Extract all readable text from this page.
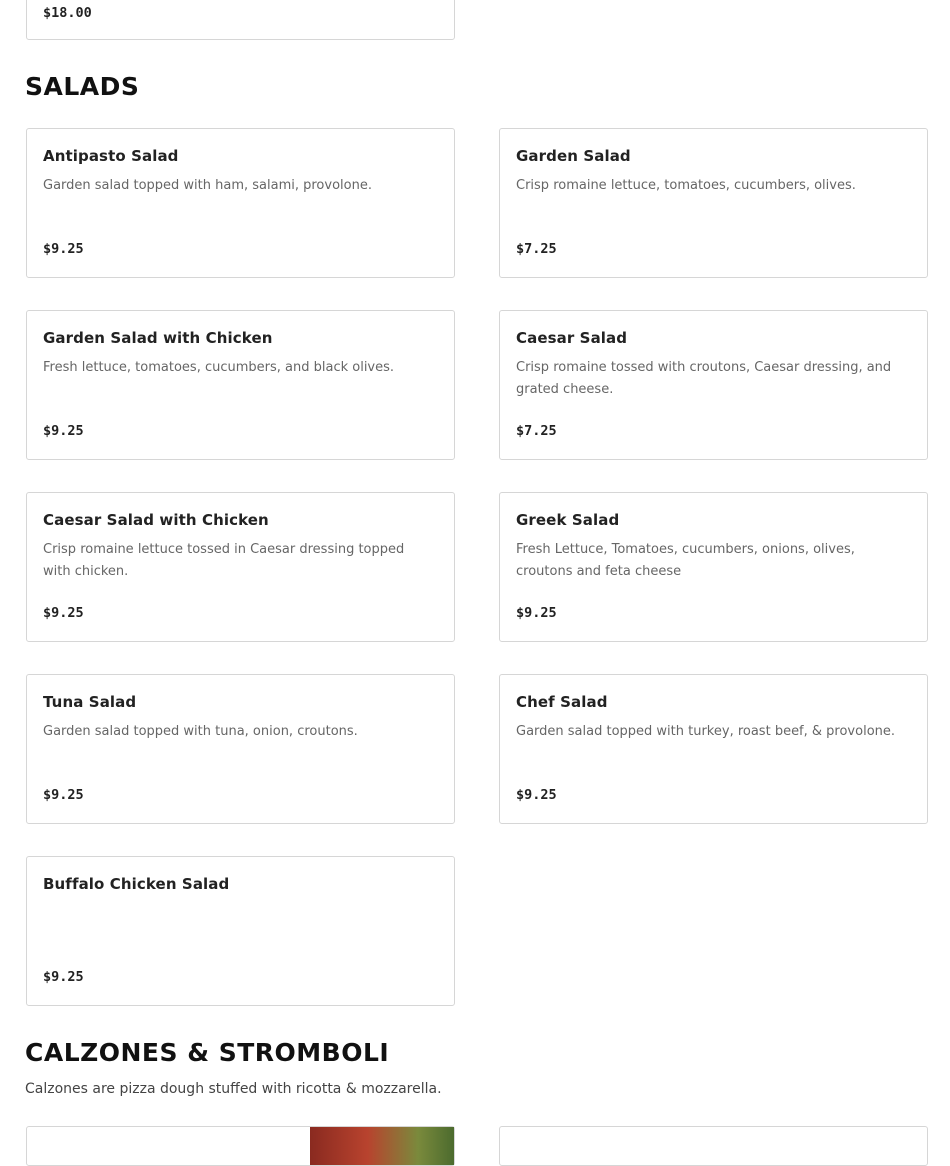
$18.00
SALADS
Antipasto Salad
Garden salad topped with ham, salami, provolone.
$9.25
Garden Salad
Crisp romaine lettuce, tomatoes, cucumbers, olives.
$7.25
Garden Salad with Chicken
Fresh lettuce, tomatoes, cucumbers, and black olives.
$9.25
Caesar Salad
Crisp romaine tossed with croutons, Caesar dressing, and grated cheese.
$7.25
Caesar Salad with Chicken
Crisp romaine lettuce tossed in Caesar dressing topped with chicken.
$9.25
Greek Salad
Fresh Lettuce, Tomatoes, cucumbers, onions, olives, croutons and feta cheese
$9.25
Tuna Salad
Garden salad topped with tuna, onion, croutons.
$9.25
Chef Salad
Garden salad topped with turkey, roast beef, & provolone.
$9.25
Buffalo Chicken Salad
$9.25
CALZONES & STROMBOLI
Calzones are pizza dough stuffed with ricotta & mozzarella.
